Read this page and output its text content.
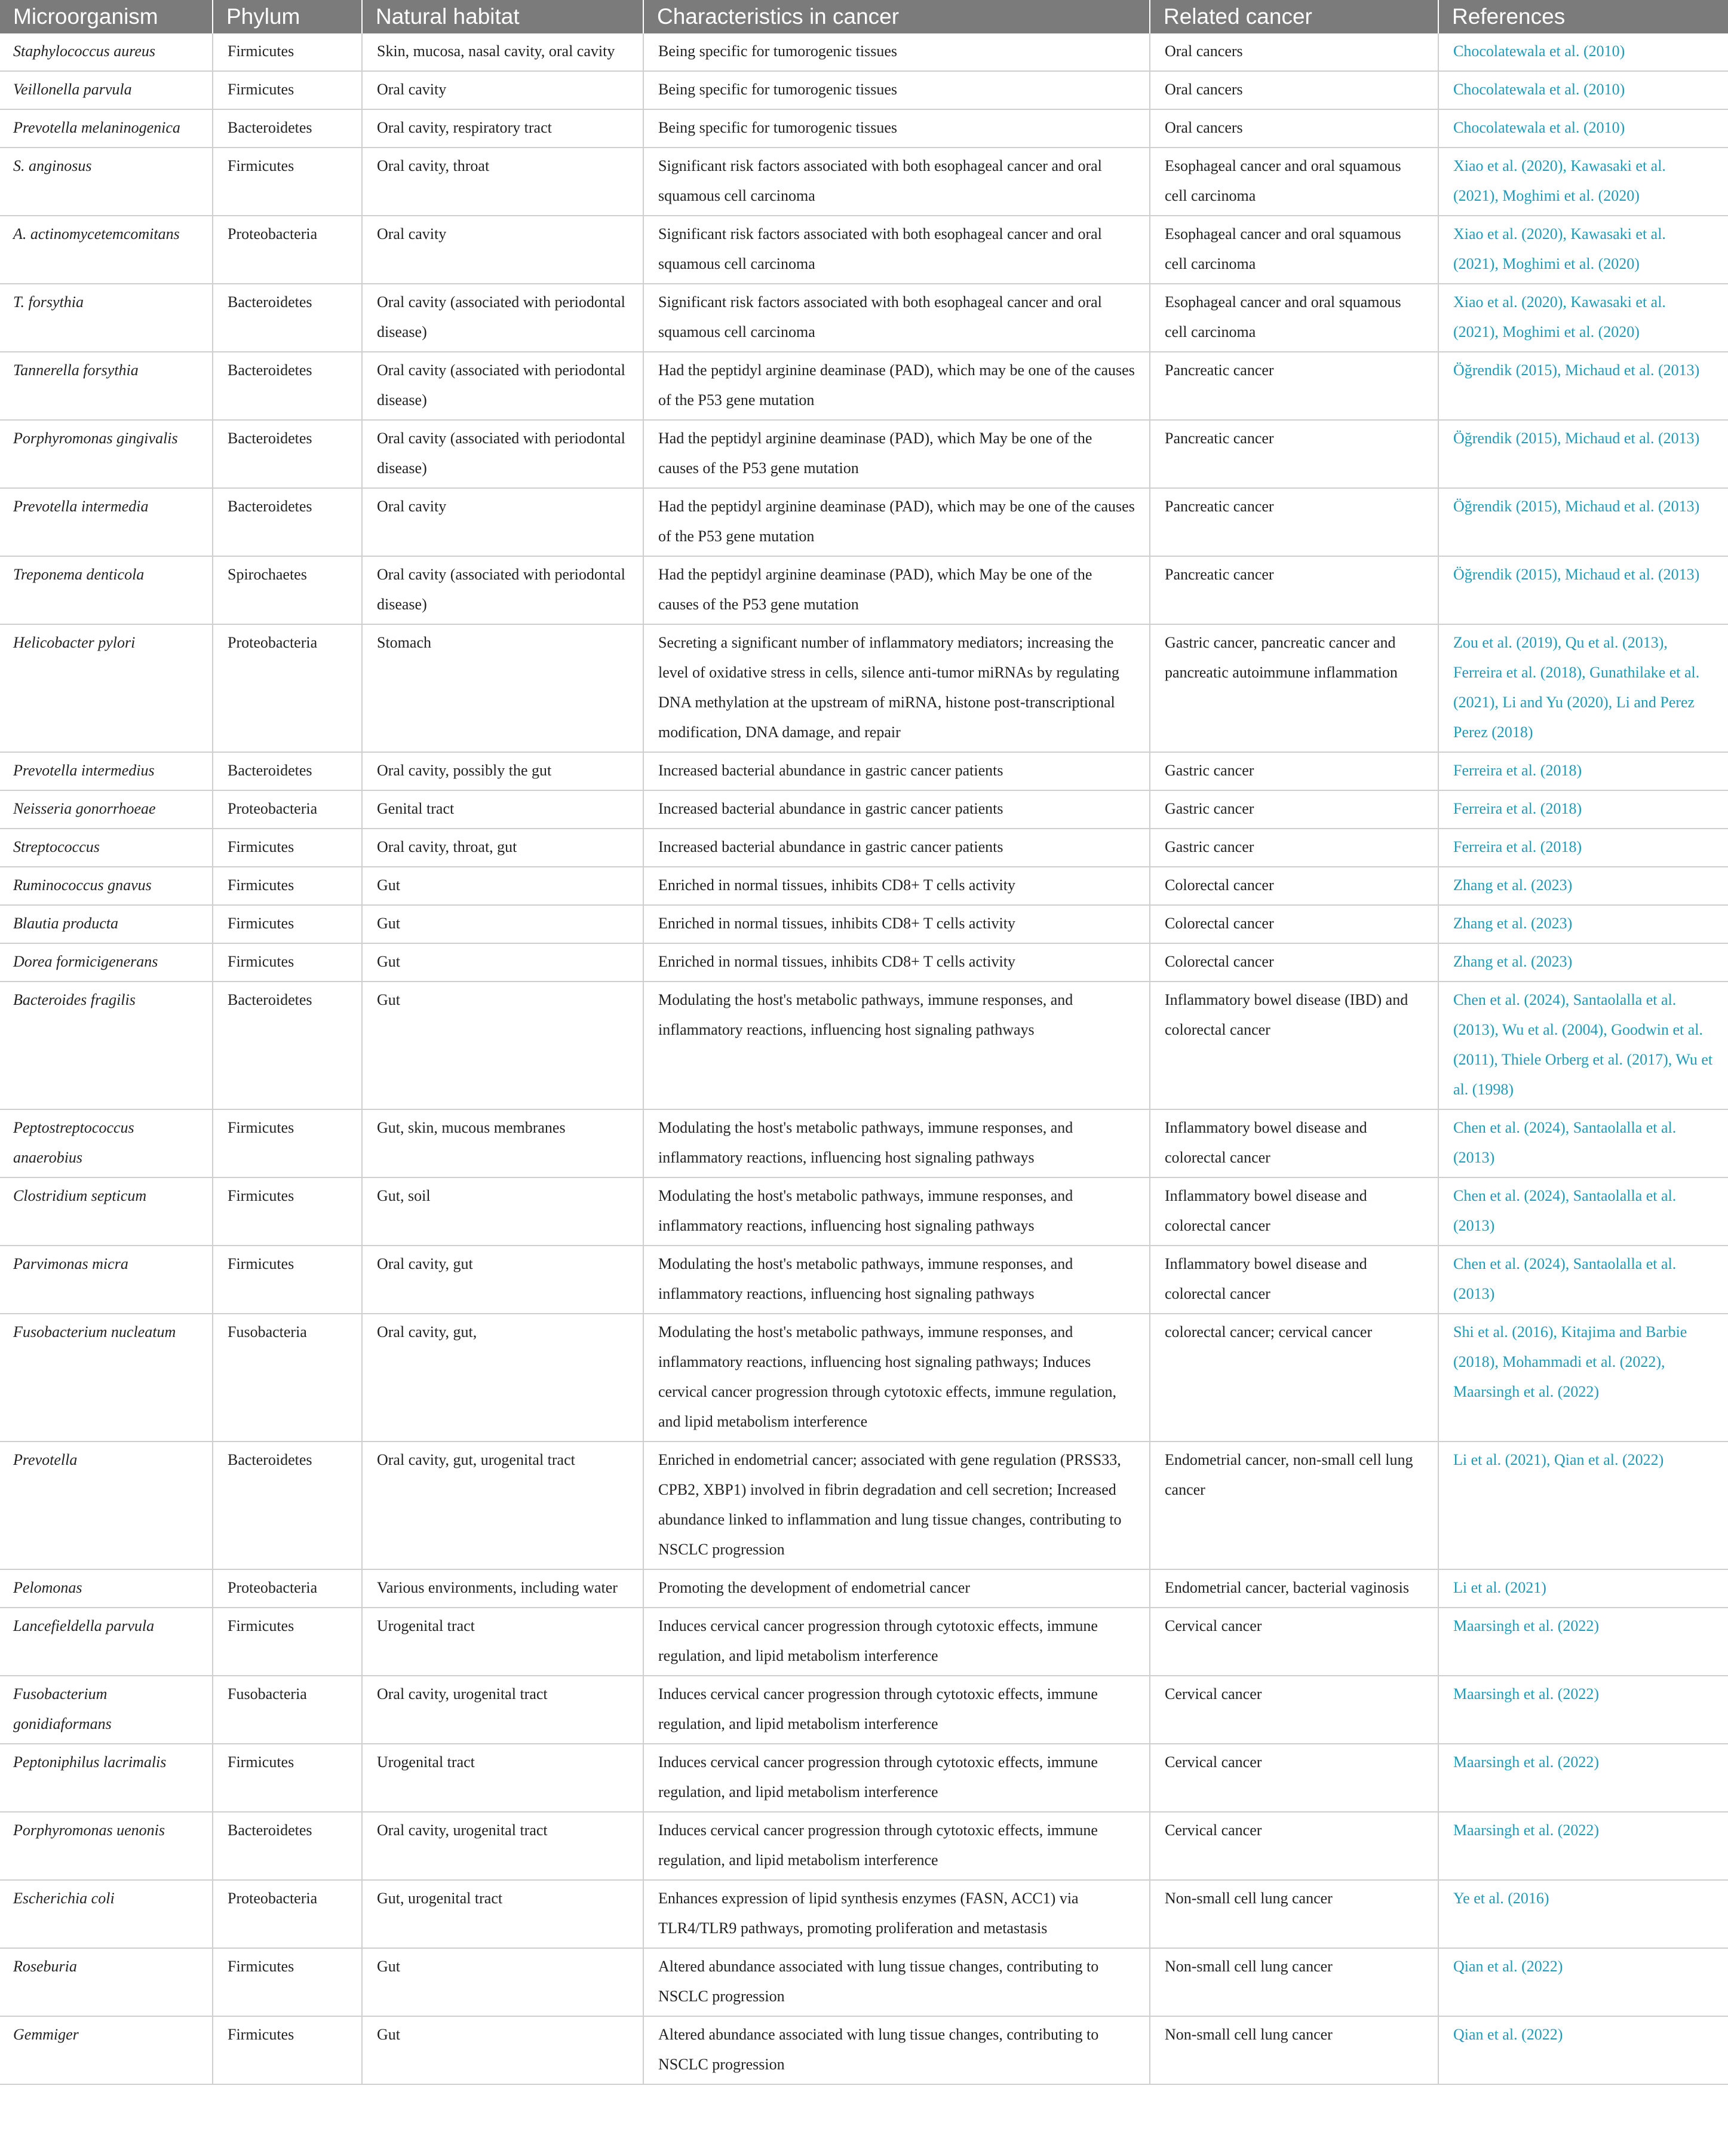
Microorganism	Phylum	Natural habitat	Characteristics in cancer	Related cancer	References
Staphylococcus aureus	Firmicutes	Skin, mucosa, nasal cavity, oral cavity	Being specific for tumorogenic tissues	Oral cancers	Chocolatewala et al. (2010)
Veillonella parvula	Firmicutes	Oral cavity	Being specific for tumorogenic tissues	Oral cancers	Chocolatewala et al. (2010)
Prevotella melaninogenica	Bacteroidetes	Oral cavity, respiratory tract	Being specific for tumorogenic tissues	Oral cancers	Chocolatewala et al. (2010)
S. anginosus	Firmicutes	Oral cavity, throat	Significant risk factors associated with both esophageal cancer and oral squamous cell carcinoma	Esophageal cancer and oral squamous cell carcinoma	Xiao et al. (2020), Kawasaki et al. (2021), Moghimi et al. (2020)
A. actinomycetemcomitans	Proteobacteria	Oral cavity	Significant risk factors associated with both esophageal cancer and oral squamous cell carcinoma	Esophageal cancer and oral squamous cell carcinoma	Xiao et al. (2020), Kawasaki et al. (2021), Moghimi et al. (2020)
T. forsythia	Bacteroidetes	Oral cavity (associated with periodontal disease)	Significant risk factors associated with both esophageal cancer and oral squamous cell carcinoma	Esophageal cancer and oral squamous cell carcinoma	Xiao et al. (2020), Kawasaki et al. (2021), Moghimi et al. (2020)
Tannerella forsythia	Bacteroidetes	Oral cavity (associated with periodontal disease)	Had the peptidyl arginine deaminase (PAD), which may be one of the causes of the P53 gene mutation	Pancreatic cancer	Öğrendik (2015), Michaud et al. (2013)
Porphyromonas gingivalis	Bacteroidetes	Oral cavity (associated with periodontal disease)	Had the peptidyl arginine deaminase (PAD), which May be one of the causes of the P53 gene mutation	Pancreatic cancer	Öğrendik (2015), Michaud et al. (2013)
Prevotella intermedia	Bacteroidetes	Oral cavity	Had the peptidyl arginine deaminase (PAD), which may be one of the causes of the P53 gene mutation	Pancreatic cancer	Öğrendik (2015), Michaud et al. (2013)
Treponema denticola	Spirochaetes	Oral cavity (associated with periodontal disease)	Had the peptidyl arginine deaminase (PAD), which May be one of the causes of the P53 gene mutation	Pancreatic cancer	Öğrendik (2015), Michaud et al. (2013)
Helicobacter pylori	Proteobacteria	Stomach	Secreting a significant number of inflammatory mediators; increasing the level of oxidative stress in cells, silence anti-tumor miRNAs by regulating DNA methylation at the upstream of miRNA, histone post-transcriptional modification, DNA damage, and repair	Gastric cancer, pancreatic cancer and pancreatic autoimmune inflammation	Zou et al. (2019), Qu et al. (2013), Ferreira et al. (2018), Gunathilake et al. (2021), Li and Yu (2020), Li and Perez Perez (2018)
Prevotella intermedius	Bacteroidetes	Oral cavity, possibly the gut	Increased bacterial abundance in gastric cancer patients	Gastric cancer	Ferreira et al. (2018)
Neisseria gonorrhoeae	Proteobacteria	Genital tract	Increased bacterial abundance in gastric cancer patients	Gastric cancer	Ferreira et al. (2018)
Streptococcus	Firmicutes	Oral cavity, throat, gut	Increased bacterial abundance in gastric cancer patients	Gastric cancer	Ferreira et al. (2018)
Ruminococcus gnavus	Firmicutes	Gut	Enriched in normal tissues, inhibits CD8+ T cells activity	Colorectal cancer	Zhang et al. (2023)
Blautia producta	Firmicutes	Gut	Enriched in normal tissues, inhibits CD8+ T cells activity	Colorectal cancer	Zhang et al. (2023)
Dorea formicigenerans	Firmicutes	Gut	Enriched in normal tissues, inhibits CD8+ T cells activity	Colorectal cancer	Zhang et al. (2023)
Bacteroides fragilis	Bacteroidetes	Gut	Modulating the host's metabolic pathways, immune responses, and inflammatory reactions, influencing host signaling pathways	Inflammatory bowel disease (IBD) and colorectal cancer	Chen et al. (2024), Santaolalla et al. (2013), Wu et al. (2004), Goodwin et al. (2011), Thiele Orberg et al. (2017), Wu et al. (1998)
Peptostreptococcus anaerobius	Firmicutes	Gut, skin, mucous membranes	Modulating the host's metabolic pathways, immune responses, and inflammatory reactions, influencing host signaling pathways	Inflammatory bowel disease and colorectal cancer	Chen et al. (2024), Santaolalla et al. (2013)
Clostridium septicum	Firmicutes	Gut, soil	Modulating the host's metabolic pathways, immune responses, and inflammatory reactions, influencing host signaling pathways	Inflammatory bowel disease and colorectal cancer	Chen et al. (2024), Santaolalla et al. (2013)
Parvimonas micra	Firmicutes	Oral cavity, gut	Modulating the host's metabolic pathways, immune responses, and inflammatory reactions, influencing host signaling pathways	Inflammatory bowel disease and colorectal cancer	Chen et al. (2024), Santaolalla et al. (2013)
Fusobacterium nucleatum	Fusobacteria	Oral cavity, gut,	Modulating the host's metabolic pathways, immune responses, and inflammatory reactions, influencing host signaling pathways; Induces cervical cancer progression through cytotoxic effects, immune regulation, and lipid metabolism interference	colorectal cancer; cervical cancer	Shi et al. (2016), Kitajima and Barbie (2018), Mohammadi et al. (2022), Maarsingh et al. (2022)
Prevotella	Bacteroidetes	Oral cavity, gut, urogenital tract	Enriched in endometrial cancer; associated with gene regulation (PRSS33, CPB2, XBP1) involved in fibrin degradation and cell secretion; Increased abundance linked to inflammation and lung tissue changes, contributing to NSCLC progression	Endometrial cancer, non-small cell lung cancer	Li et al. (2021), Qian et al. (2022)
Pelomonas	Proteobacteria	Various environments, including water	Promoting the development of endometrial cancer	Endometrial cancer, bacterial vaginosis	Li et al. (2021)
Lancefieldella parvula	Firmicutes	Urogenital tract	Induces cervical cancer progression through cytotoxic effects, immune regulation, and lipid metabolism interference	Cervical cancer	Maarsingh et al. (2022)
Fusobacterium gonidiaformans	Fusobacteria	Oral cavity, urogenital tract	Induces cervical cancer progression through cytotoxic effects, immune regulation, and lipid metabolism interference	Cervical cancer	Maarsingh et al. (2022)
Peptoniphilus lacrimalis	Firmicutes	Urogenital tract	Induces cervical cancer progression through cytotoxic effects, immune regulation, and lipid metabolism interference	Cervical cancer	Maarsingh et al. (2022)
Porphyromonas uenonis	Bacteroidetes	Oral cavity, urogenital tract	Induces cervical cancer progression through cytotoxic effects, immune regulation, and lipid metabolism interference	Cervical cancer	Maarsingh et al. (2022)
Escherichia coli	Proteobacteria	Gut, urogenital tract	Enhances expression of lipid synthesis enzymes (FASN, ACC1) via TLR4/TLR9 pathways, promoting proliferation and metastasis	Non-small cell lung cancer	Ye et al. (2016)
Roseburia	Firmicutes	Gut	Altered abundance associated with lung tissue changes, contributing to NSCLC progression	Non-small cell lung cancer	Qian et al. (2022)
Gemmiger	Firmicutes	Gut	Altered abundance associated with lung tissue changes, contributing to NSCLC progression	Non-small cell lung cancer	Qian et al. (2022)
